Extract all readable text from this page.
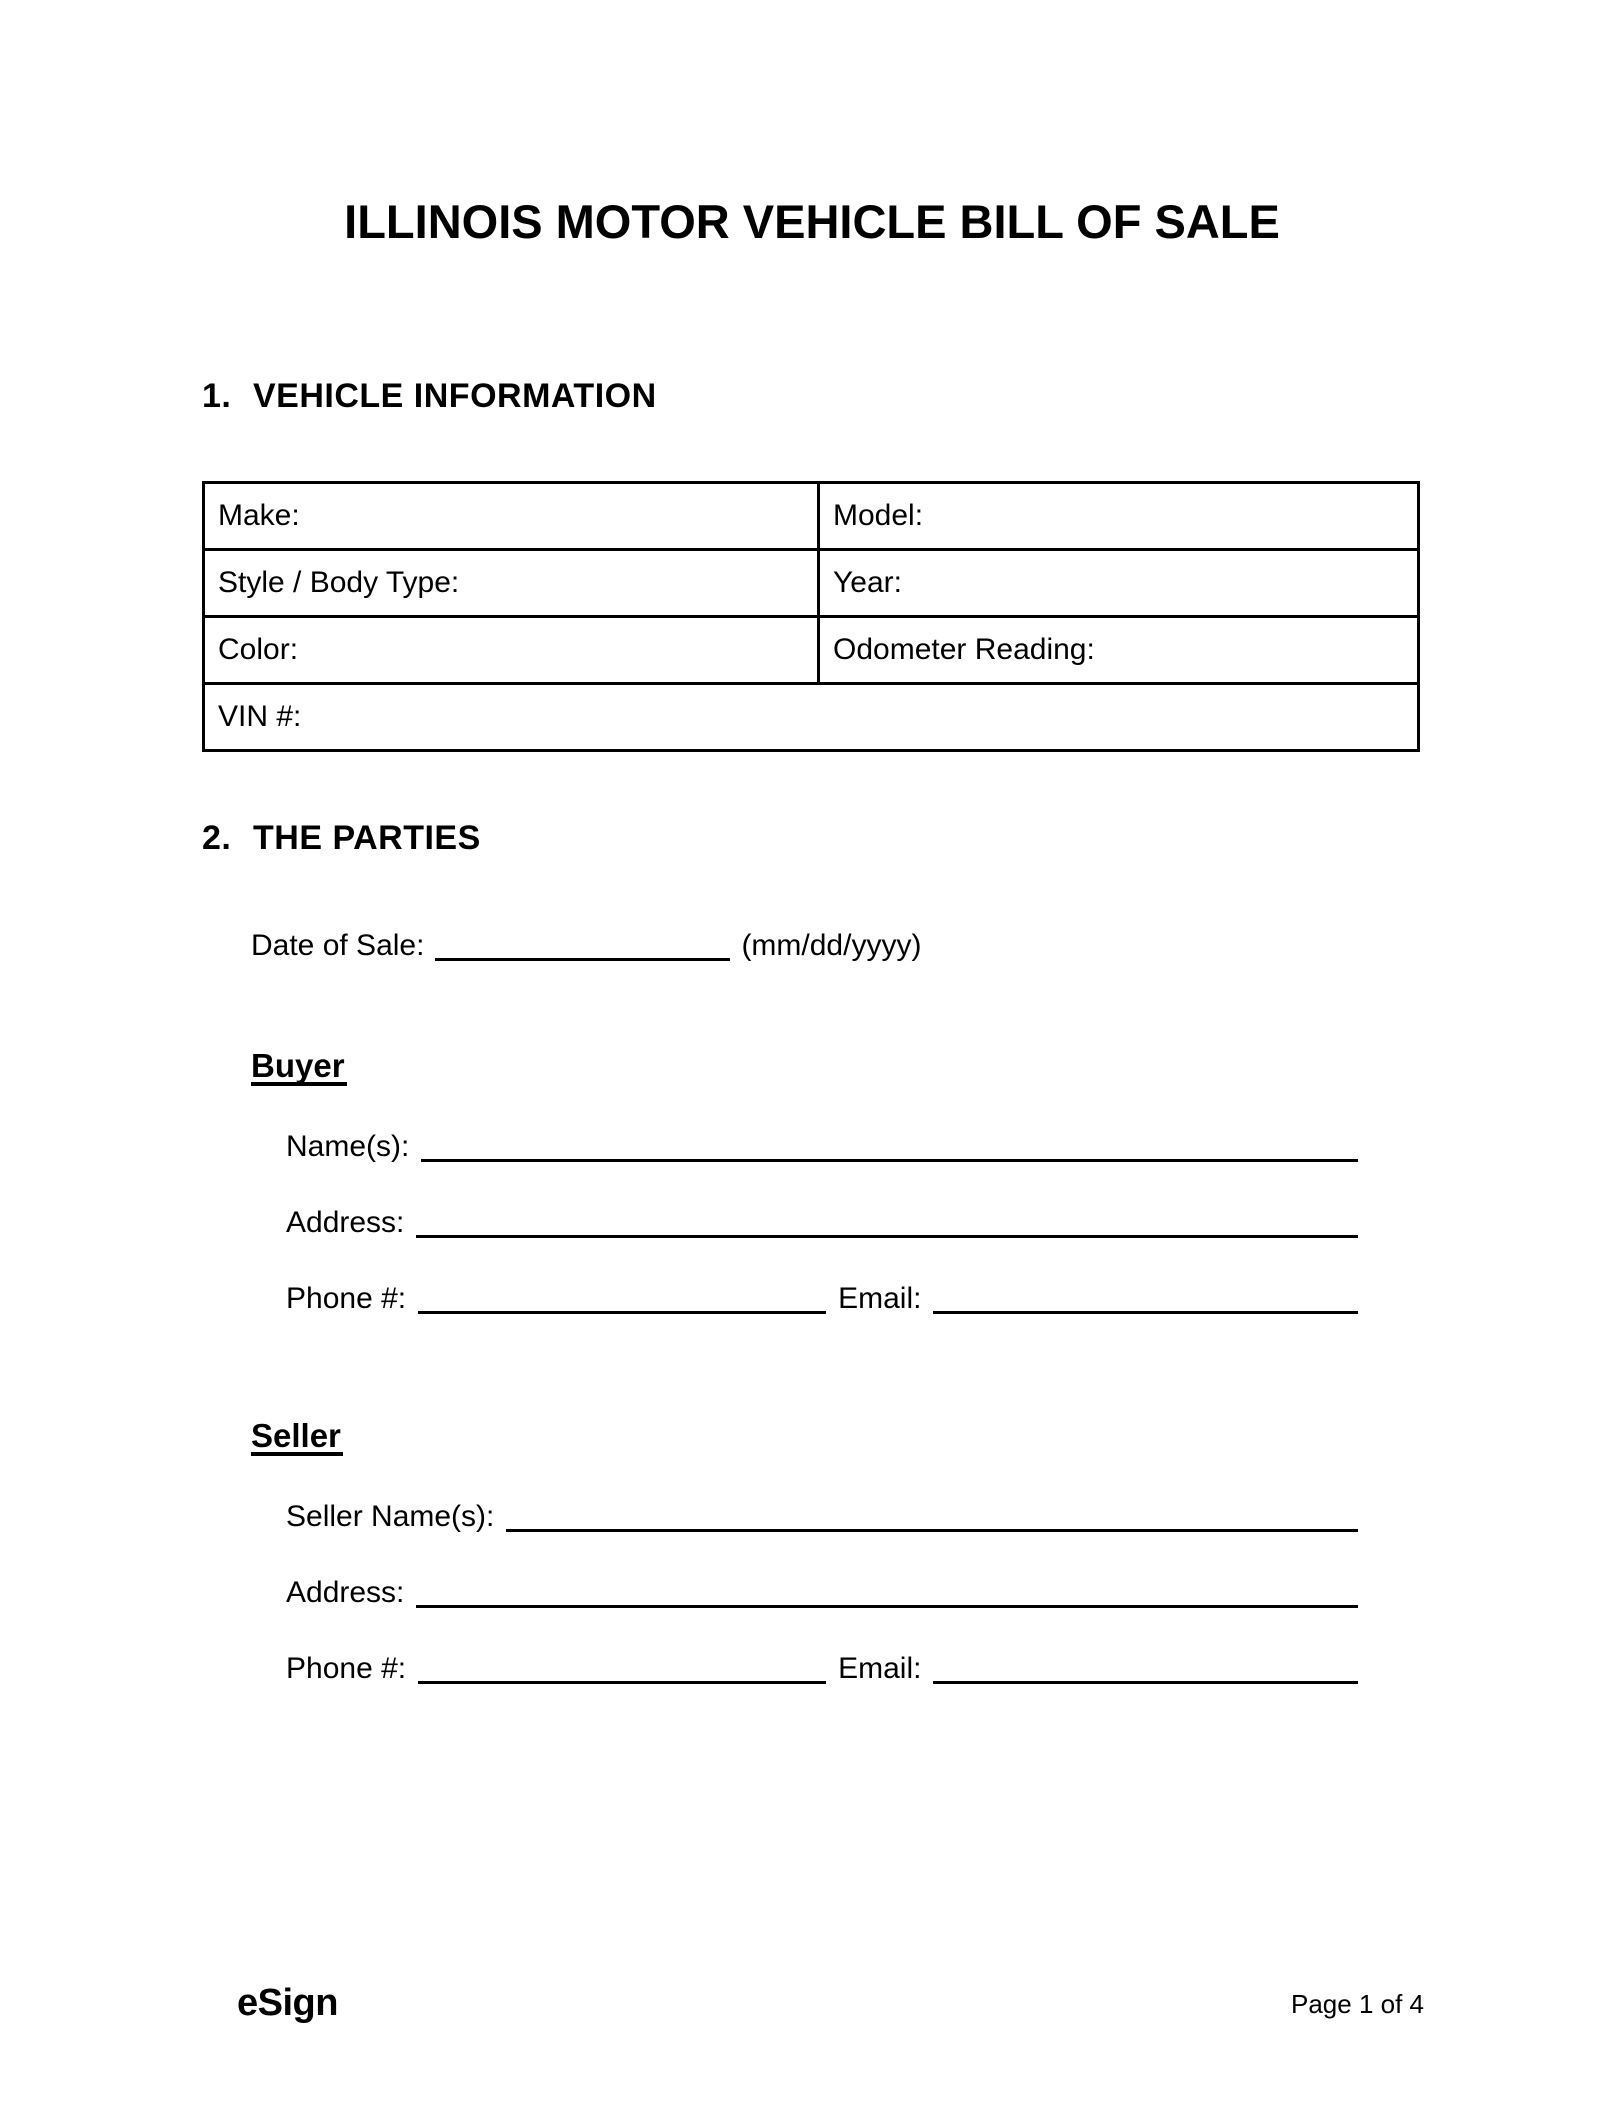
ILLINOIS MOTOR VEHICLE BILL OF SALE
1. VEHICLE INFORMATION
Make:	Model:
Style / Body Type:	Year:
Color:	Odometer Reading:
VIN #:	
2. THE PARTIES
Date of Sale:	(mm/dd/yyyy)
Buyer
Name(s):
Address:
Phone #:	Email:
Seller
Seller Name(s):
Address:
Phone #:	Email:
eSign	Page 1 of 4
